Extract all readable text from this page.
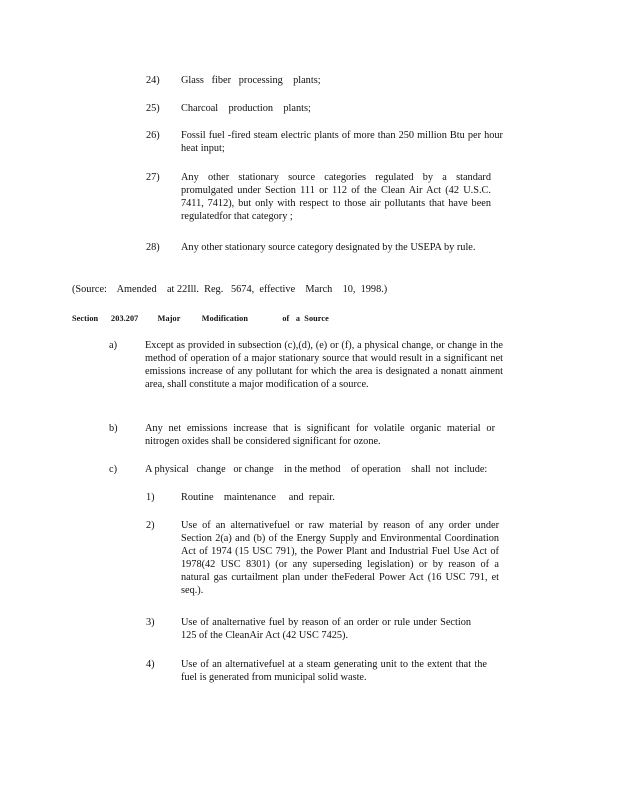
24) Glass   fiber   processing    plants;
25) Charcoal    production    plants;
26) Fossil fuel -fired steam electric plants of more than 250 million Btu per hour heat input;
27) Any other stationary source categories regulated by a standard promulgated under Section 111 or 112 of the Clean Air Act (42 U.S.C. 7411, 7412), but only with respect to those air pollutants that have been regulatedfor that category ;
28) Any other stationary source category designated by the USEPA by rule.
(Source:    Amended    at 22Ill.  Reg.   5674,  effective    March    10,  1998.)
Section      203.207         Major          Modification                of   a  Source
a)	Except as provided in subsection (c),(d), (e) or (f), a physical change, or change in the method of operation of a major stationary source that would result in a significant net emissions increase of any pollutant for which the area is designated a nonatt ainment area, shall constitute a major modification of a source.
b)	Any net emissions increase that is significant for volatile organic material or nitrogen oxides shall be considered significant for ozone.
c)	A physical   change   or change    in the method    of operation    shall  not  include:
1)	Routine    maintenance     and  repair.
2)	Use of an alternativefuel or raw material by reason of any order under Section 2(a) and (b) of the Energy Supply and Environmental Coordination Act of 1974 (15 USC 791), the Power Plant and Industrial Fuel Use Act of 1978(42 USC 8301) (or any superseding legislation) or by reason of a natural gas curtailment plan under theFederal Power Act (16 USC 791, et seq.).
3)	Use of analternative fuel by reason of an order or rule under Section 125 of the CleanAir Act (42 USC 7425).
4)	Use of an alternativefuel at a steam generating unit to the extent that the fuel is generated from municipal solid waste.
